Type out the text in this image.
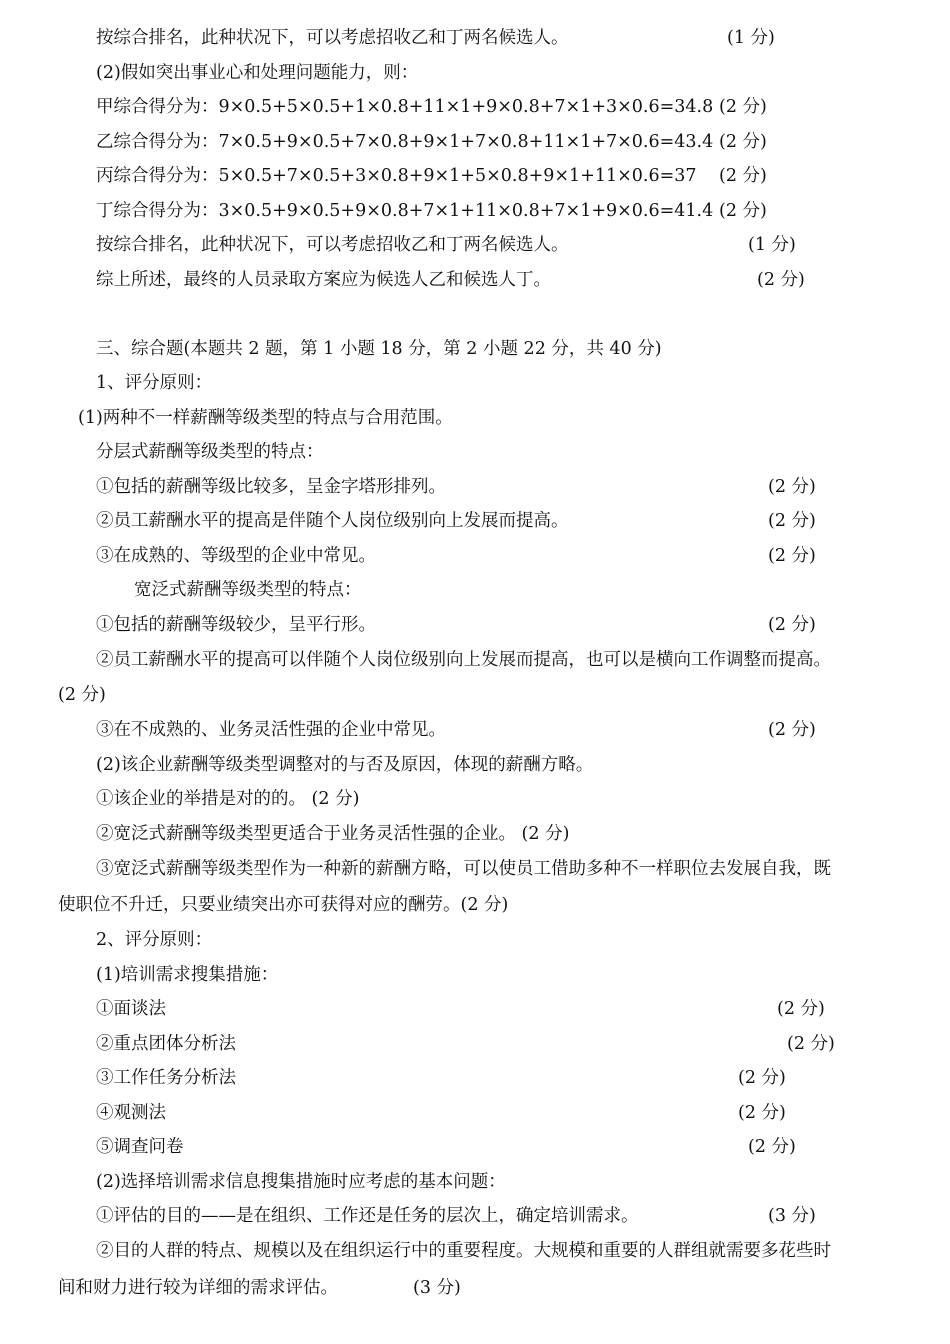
按综合排名，此种状况下，可以考虑招收乙和丁两名候选人。	(1 分)
(2)假如突出事业心和处理问题能力，则：
甲综合得分为：9×0.5+5×0.5+1×0.8+11×1+9×0.8+7×1+3×0.6=34.8 (2 分)
乙综合得分为：7×0.5+9×0.5+7×0.8+9×1+7×0.8+11×1+7×0.6=43.4 (2 分)
丙综合得分为：5×0.5+7×0.5+3×0.8+9×1+5×0.8+9×1+11×0.6=37 (2 分)
丁综合得分为：3×0.5+9×0.5+9×0.8+7×1+11×0.8+7×1+9×0.6=41.4 (2 分)
按综合排名，此种状况下，可以考虑招收乙和丁两名候选人。	(1 分)
综上所述，最终的人员录取方案应为候选人乙和候选人丁。	(2 分)
三、综合题(本题共 2 题，第 1 小题 18 分，第 2 小题 22 分，共 40 分)
1、评分原则：
(1)两种不一样薪酬等级类型的特点与合用范围。
分层式薪酬等级类型的特点：
①包括的薪酬等级比较多，呈金字塔形排列。	(2 分)
②员工薪酬水平的提高是伴随个人岗位级别向上发展而提高。	(2 分)
③在成熟的、等级型的企业中常见。	(2 分)
宽泛式薪酬等级类型的特点：
①包括的薪酬等级较少，呈平行形。	(2 分)
②员工薪酬水平的提高可以伴随个人岗位级别向上发展而提高，也可以是横向工作调整而提高。
(2 分)
③在不成熟的、业务灵活性强的企业中常见。	(2 分)
(2)该企业薪酬等级类型调整对的与否及原因，体现的薪酬方略。
①该企业的举措是对的的。 (2 分)
②宽泛式薪酬等级类型更适合于业务灵活性强的企业。 (2 分)
③宽泛式薪酬等级类型作为一种新的薪酬方略，可以使员工借助多种不一样职位去发展自我，既
使职位不升迁，只要业绩突出亦可获得对应的酬劳。(2 分)
2、评分原则：
(1)培训需求搜集措施：
①面谈法	(2 分)
②重点团体分析法	(2 分)
③工作任务分析法	(2 分)
④观测法	(2 分)
⑤调查问卷	(2 分)
(2)选择培训需求信息搜集措施时应考虑的基本问题：
①评估的目的——是在组织、工作还是任务的层次上，确定培训需求。	(3 分)
②目的人群的特点、规模以及在组织运行中的重要程度。大规模和重要的人群组就需要多花些时
间和财力进行较为详细的需求评估。	(3 分)
